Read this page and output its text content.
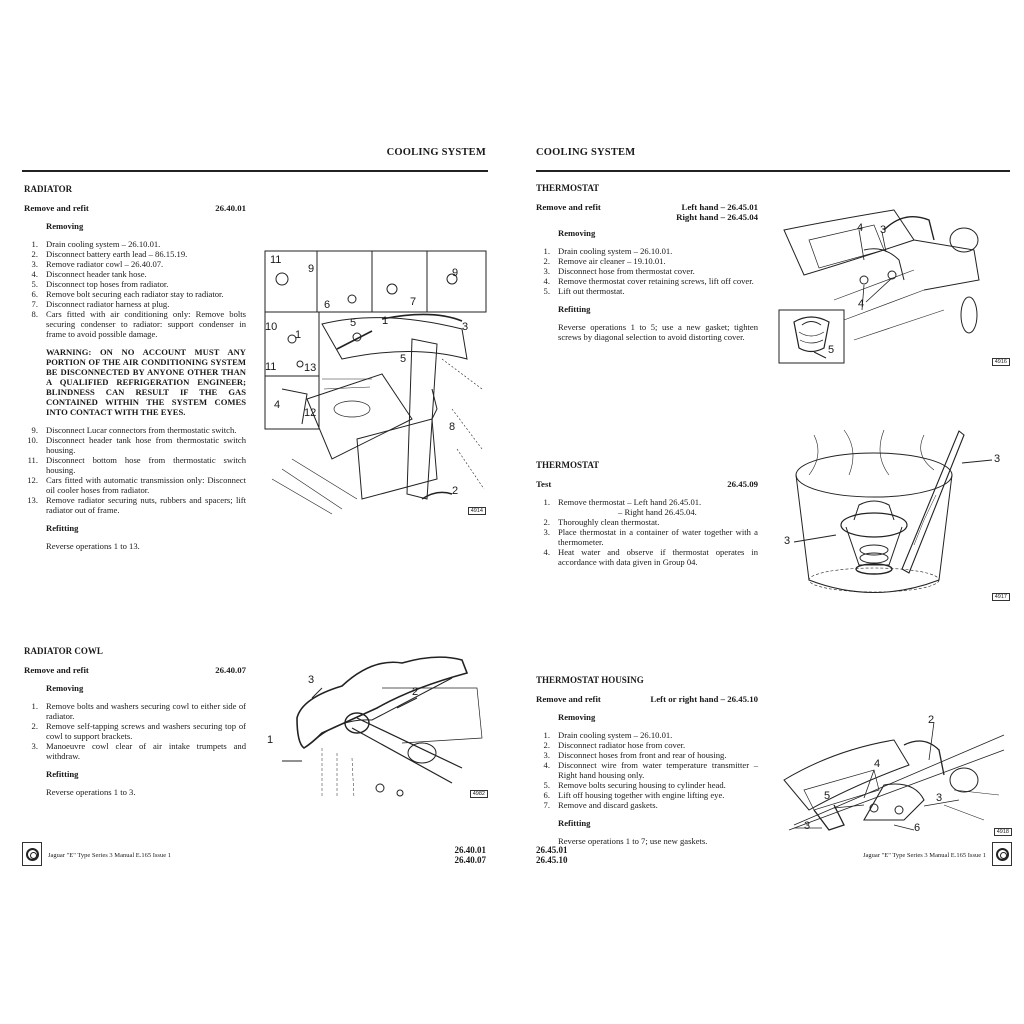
COOLING SYSTEM
RADIATOR
Remove and refit	26.40.01
Removing
1. Drain cooling system – 26.10.01.
2. Disconnect battery earth lead – 86.15.19.
3. Remove radiator cowl – 26.40.07.
4. Disconnect header tank hose.
5. Disconnect top hoses from radiator.
6. Remove bolt securing each radiator stay to radiator.
7. Disconnect radiator harness at plug.
8. Cars fitted with air conditioning only: Remove bolts securing condenser to radiator: support condenser in frame to avoid possible damage.
WARNING: ON NO ACCOUNT MUST ANY PORTION OF THE AIR CONDITIONING SYSTEM BE DISCONNECTED BY ANYONE OTHER THAN A QUALIFIED REFRIGERATION ENGINEER; BLINDNESS CAN RESULT IF THE GAS CONTAINED WITHIN THE SYSTEM COMES INTO CONTACT WITH THE EYES.
9. Disconnect Lucar connectors from thermostatic switch.
10. Disconnect header tank hose from thermostatic switch housing.
11. Disconnect bottom hose from thermostatic switch housing.
12. Cars fitted with automatic transmission only: Disconnect oil cooler hoses from radiator.
13. Remove radiator securing nuts, rubbers and spacers; lift radiator out of frame.
Refitting
Reverse operations 1 to 13.
11
9
6	7
9
10
1
11	13
4
12
5 1	3
5
8
2
4914
RADIATOR COWL
Remove and refit	26.40.07
Removing
1. Remove bolts and washers securing cowl to either side of radiator.
2. Remove self-tapping screws and washers securing top of cowl to support brackets.
3. Manoeuvre cowl clear of air intake trumpets and withdraw.
Refitting
Reverse operations 1 to 3.
3
2
1
4982
Jaguar "E" Type Series 3 Manual E.165 Issue 1
26.40.01
26.40.07
COOLING SYSTEM
THERMOSTAT
Remove and refit	Left hand – 26.45.01
Right hand – 26.45.04
Removing
1. Drain cooling system – 26.10.01.
2. Remove air cleaner – 19.10.01.
3. Disconnect hose from thermostat cover.
4. Remove thermostat cover retaining screws, lift off cover.
5. Lift out thermostat.
Refitting
Reverse operations 1 to 5; use a new gasket; tighten screws by diagonal selection to avoid distorting cover.
4 3
4
5
4916
THERMOSTAT
Test	26.45.09
1. Remove thermostat – Left hand 26.45.01.
– Right hand 26.45.04.
2. Thoroughly clean thermostat.
3. Place thermostat in a container of water together with a thermometer.
4. Heat water and observe if thermostat operates in accordance with data given in Group 04.
3
3
4917
THERMOSTAT HOUSING
Remove and refit	Left or right hand – 26.45.10
Removing
1. Drain cooling system – 26.10.01.
2. Disconnect radiator hose from cover.
3. Disconnect hoses from front and rear of housing.
4. Disconnect wire from water temperature transmitter – Right hand housing only.
5. Remove bolts securing housing to cylinder head.
6. Lift off housing together with engine lifting eye.
7. Remove and discard gaskets.
Refitting
Reverse operations 1 to 7; use new gaskets.
2
4
5	3
3	6	4918
26.45.01
26.45.10	Jaguar "E" Type Series 3 Manual E.165 Issue 1
